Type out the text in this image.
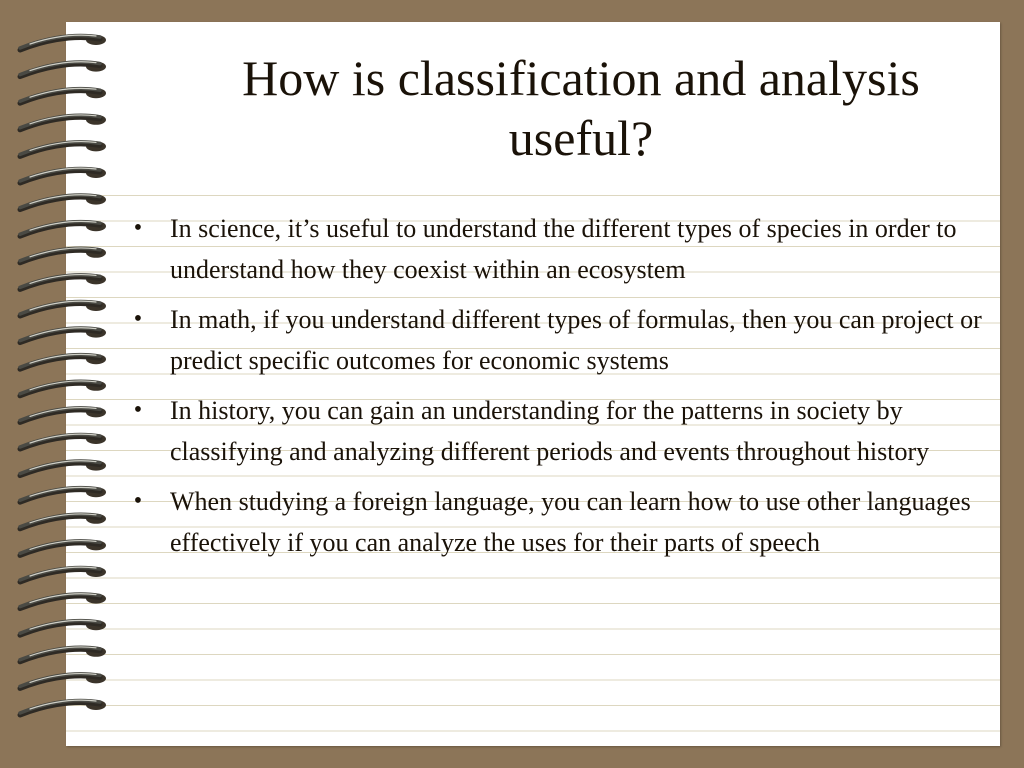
How is classification and analysis useful?
• In science, it’s useful to understand the different types of species in order to understand how they coexist within an ecosystem
• In math, if you understand different types of formulas, then you can project or predict specific outcomes for economic systems
• In history, you can gain an understanding for the patterns in society by classifying and analyzing different periods and events throughout history
• When studying a foreign language, you can learn how to use other languages effectively if you can analyze the uses for their parts of speech
